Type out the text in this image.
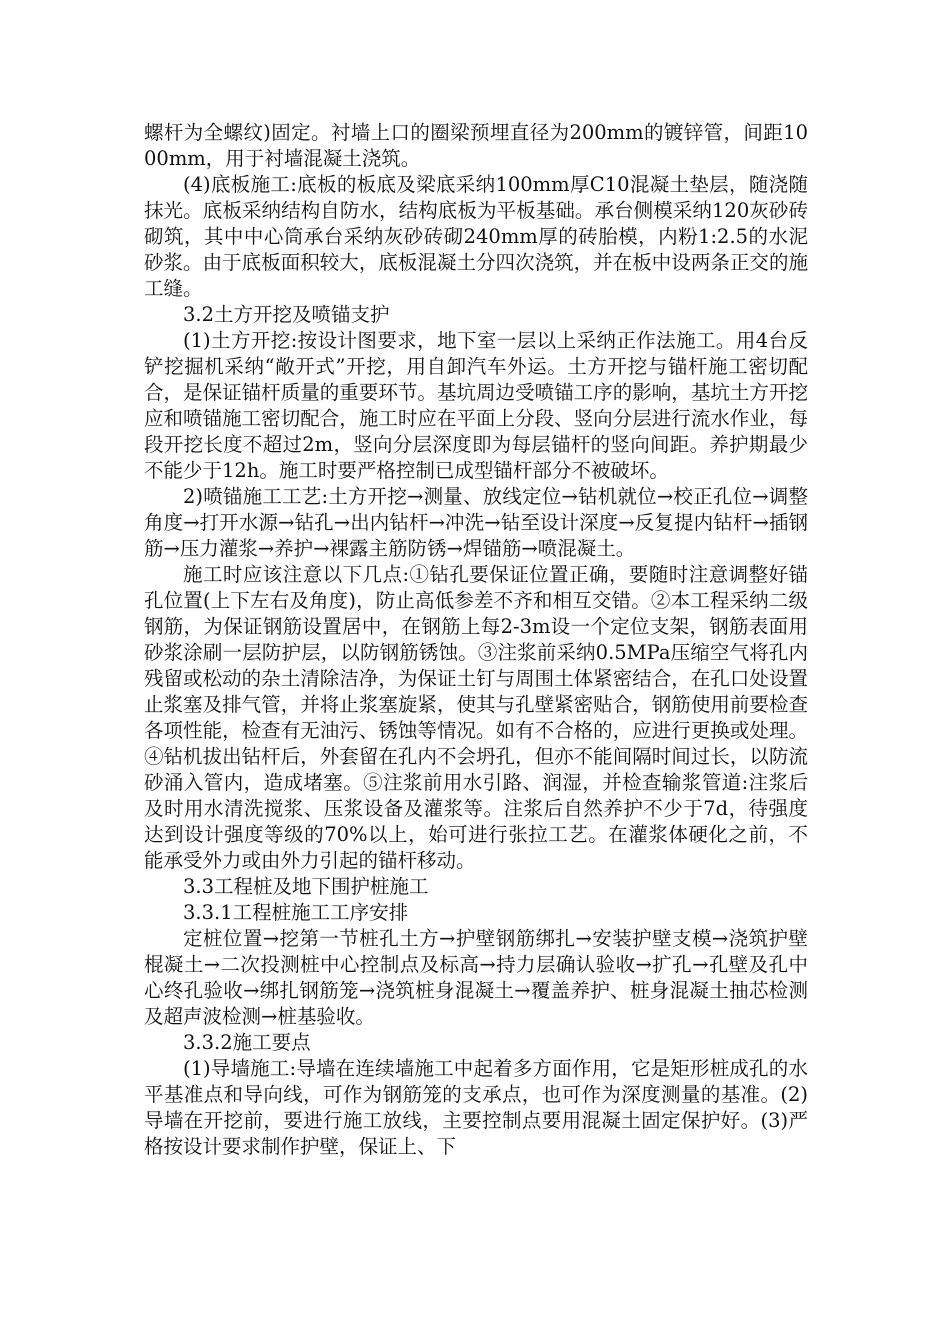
螺杆为全螺纹)固定。衬墙上口的圈梁预埋直径为200mm的镀锌管，间距1000mm，用于衬墙混凝土浇筑。

(4)底板施工:底板的板底及梁底采纳100mm厚C10混凝土垫层，随浇随抹光。底板采纳结构自防水，结构底板为平板基础。承台侧模采纳120灰砂砖砌筑，其中中心筒承台采纳灰砂砖砌240mm厚的砖胎模，内粉1:2.5的水泥砂浆。由于底板面积较大，底板混凝土分四次浇筑，并在板中设两条正交的施工缝。

3.2土方开挖及喷锚支护

(1)土方开挖:按设计图要求，地下室一层以上采纳正作法施工。用4台反铲挖掘机采纳“敞开式”开挖，用自卸汽车外运。土方开挖与锚杆施工密切配合，是保证锚杆质量的重要环节。基坑周边受喷锚工序的影响，基坑土方开挖应和喷锚施工密切配合，施工时应在平面上分段、竖向分层进行流水作业，每段开挖长度不超过2m，竖向分层深度即为每层锚杆的竖向间距。养护期最少不能少于12h。施工时要严格控制已成型锚杆部分不被破坏。

2)喷锚施工工艺:土方开挖→测量、放线定位→钻机就位→校正孔位→调整角度→打开水源→钻孔→出内钻杆→冲洗→钻至设计深度→反复提内钻杆→插钢筋→压力灌浆→养护→裸露主筋防锈→焊锚筋→喷混凝土。

施工时应该注意以下几点:①钻孔要保证位置正确，要随时注意调整好锚孔位置(上下左右及角度)，防止高低参差不齐和相互交错。②本工程采纳二级钢筋，为保证钢筋设置居中，在钢筋上每2-3m设一个定位支架，钢筋表面用砂浆涂刷一层防护层，以防钢筋锈蚀。③注浆前采纳0.5MPa压缩空气将孔内残留或松动的杂土清除洁净，为保证土钉与周围土体紧密结合，在孔口处设置止浆塞及排气管，并将止浆塞旋紧，使其与孔壁紧密贴合，钢筋使用前要检查各项性能，检查有无油污、锈蚀等情况。如有不合格的，应进行更换或处理。④钻机拔出钻杆后，外套留在孔内不会坍孔，但亦不能间隔时间过长，以防流砂涌入管内，造成堵塞。⑤注浆前用水引路、润湿，并检查输浆管道:注浆后及时用水清洗搅浆、压浆设备及灌浆等。注浆后自然养护不少于7d，待强度达到设计强度等级的70%以上，始可进行张拉工艺。在灌浆体硬化之前，不能承受外力或由外力引起的锚杆移动。

3.3工程桩及地下围护桩施工

3.3.1工程桩施工工序安排

定桩位置→挖第一节桩孔土方→护壁钢筋绑扎→安装护壁支模→浇筑护壁棍凝土→二次投测桩中心控制点及标高→持力层确认验收→扩孔→孔壁及孔中心终孔验收→绑扎钢筋笼→浇筑桩身混凝土→覆盖养护、桩身混凝土抽芯检测及超声波检测→桩基验收。

3.3.2施工要点

(1)导墙施工:导墙在连续墙施工中起着多方面作用，它是矩形桩成孔的水平基准点和导向线，可作为钢筋笼的支承点，也可作为深度测量的基准。(2)导墙在开挖前，要进行施工放线，主要控制点要用混凝土固定保护好。(3)严格按设计要求制作护壁，保证上、下
